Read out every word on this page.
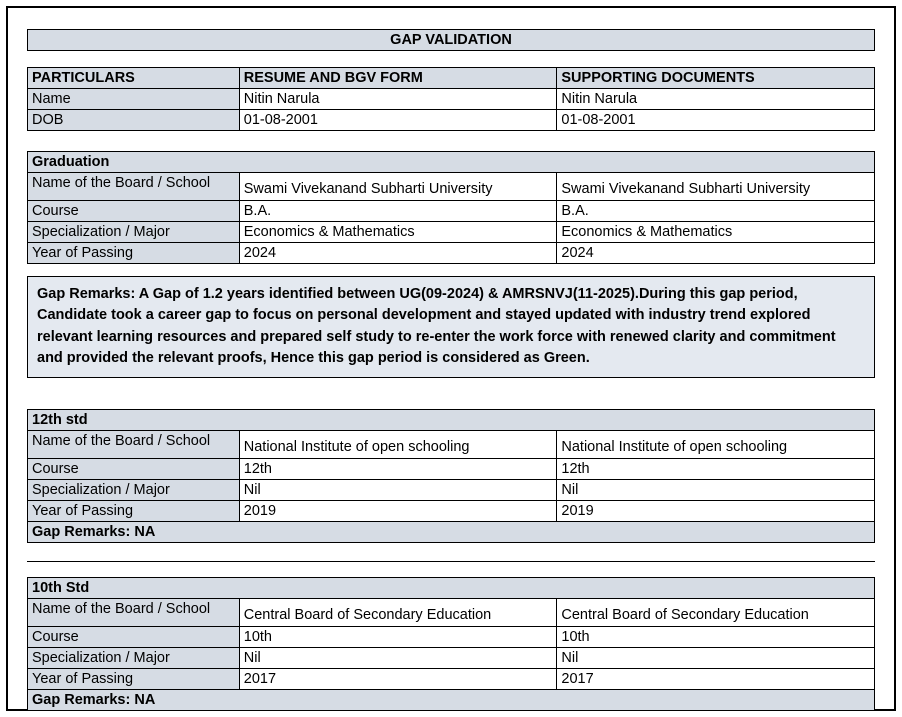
GAP VALIDATION
PARTICULARS	RESUME AND BGV FORM	SUPPORTING DOCUMENTS
Name	Nitin Narula	Nitin Narula
DOB	01-08-2001	01-08-2001
Graduation		
Name of the Board / School	Swami Vivekanand Subharti University	Swami Vivekanand Subharti University
Course	B.A.	B.A.
Specialization / Major	Economics & Mathematics	Economics & Mathematics
Year of Passing	2024	2024
Gap Remarks: A Gap of 1.2 years identified between UG(09-2024) & AMRSNVJ(11-2025).During this gap period, Candidate took a career gap to focus on personal development and stayed updated with industry trend explored relevant learning resources and prepared self study to re-enter the work force with renewed clarity and commitment and provided the relevant proofs, Hence this gap period is considered as Green.
12th std		
Name of the Board / School	National Institute of open schooling	National Institute of open schooling
Course	12th	12th
Specialization / Major	Nil	Nil
Year of Passing	2019	2019
Gap Remarks: NA		
10th Std		
Name of the Board / School	Central Board of Secondary Education	Central Board of Secondary Education
Course	10th	10th
Specialization / Major	Nil	Nil
Year of Passing	2017	2017
Gap Remarks: NA		
